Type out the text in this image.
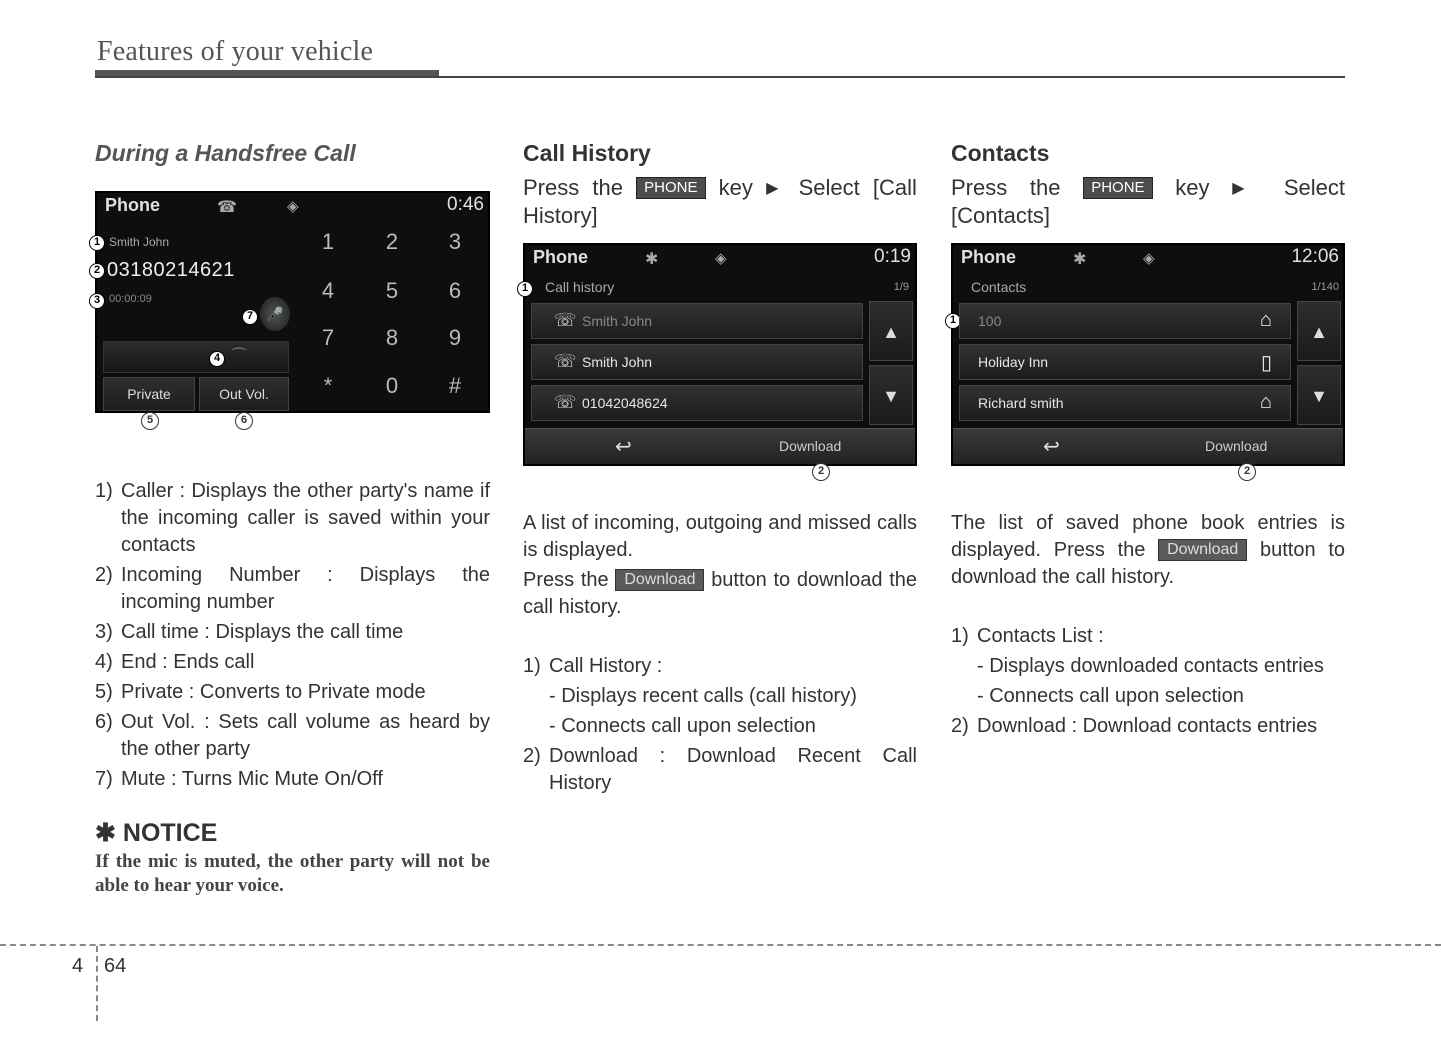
Features of your vehicle
During a Handsfree Call
Phone	☎	◈	0:46
1 Smith John
2 03180214621
3 00:00:09
7 🎤
4 ⌒
Private	Out Vol.
1	2	3
4	5	6
7	8	9
*	0	#
5	6
1) Caller : Displays the other party's name if the incoming caller is saved within your contacts
2) Incoming Number : Displays the incoming number
3) Call time : Displays the call time
4) End : Ends call
5) Private : Converts to Private mode
6) Out Vol. : Sets call volume as heard by the other party
7) Mute : Turns Mic Mute On/Off
✱ NOTICE
If the mic is muted, the other party will not be able to hear your voice.
Call History
Press the PHONE key ▶ Select [Call History]
Phone	✱	◈	0:19
1	Call history	1/9
☏ Smith John
☏ Smith John
☏ 01042048624
▲
▼
↩	Download
2
A list of incoming, outgoing and missed calls is displayed.
Press the Download button to download the call history.
1) Call History :
- Displays recent calls (call history)
- Connects call upon selection
2) Download : Download Recent Call History
Contacts
Press the PHONE key ▶ Select [Contacts]
Phone	✱	◈	12:06
Contacts	1/140
1	100	⌂
Holiday Inn	▯
Richard smith	⌂
▲
▼
↩	Download
2
The list of saved phone book entries is displayed. Press the Download button to download the call history.
1) Contacts List :
- Displays downloaded contacts entries
- Connects call upon selection
2) Download : Download contacts entries
4 64
